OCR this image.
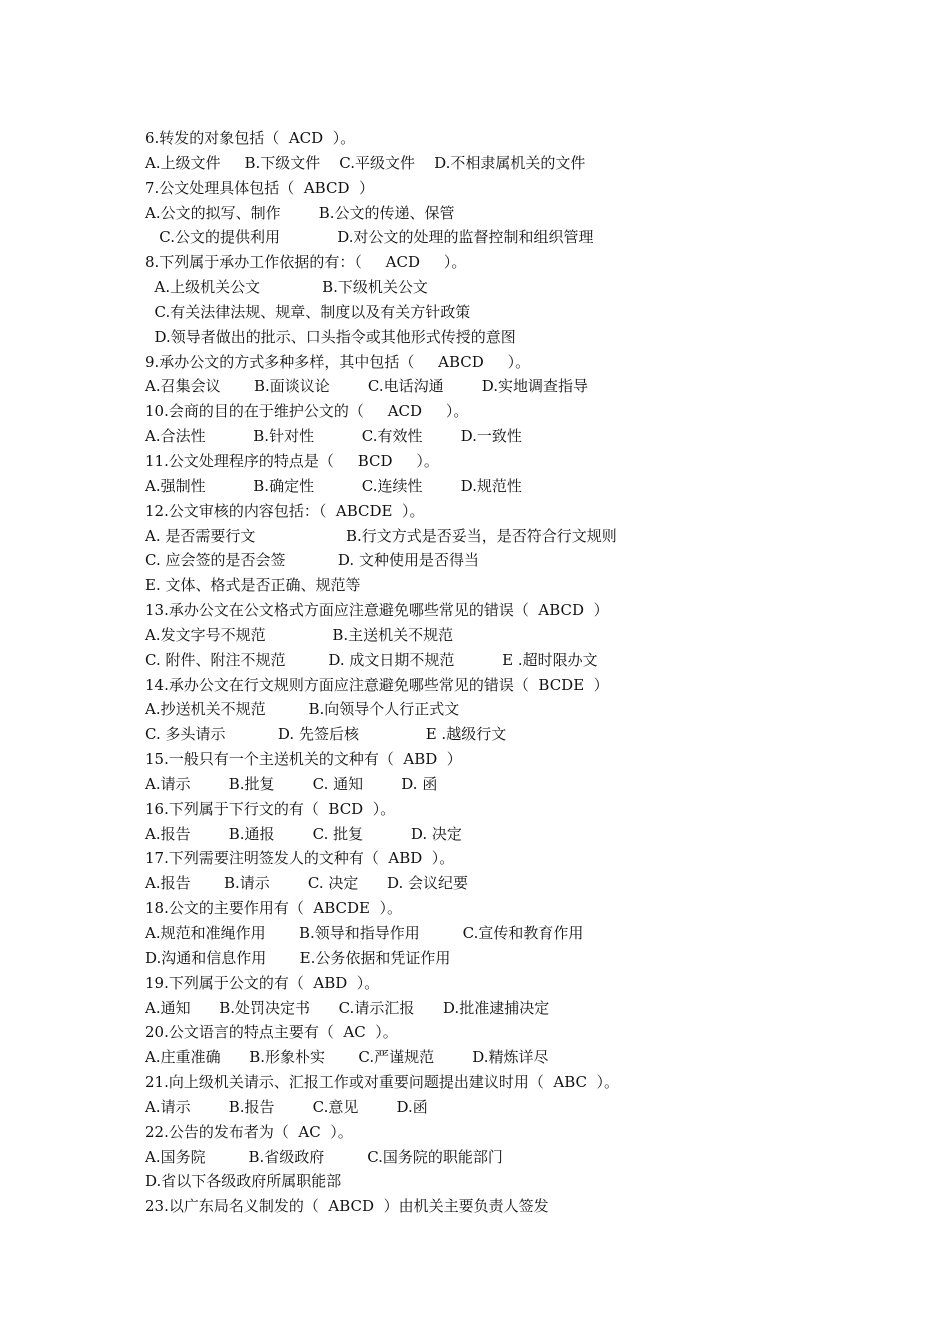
6.转发的对象包括（  ACD  ）。
A.上级文件     B.下级文件    C.平级文件    D.不相隶属机关的文件
7.公文处理具体包括（  ABCD  ）
A.公文的拟写、制作        B.公文的传递、保管
C.公文的提供利用            D.对公文的处理的监督控制和组织管理
8.下列属于承办工作依据的有：（     ACD     ）。
A.上级机关公文             B.下级机关公文
C.有关法律法规、规章、制度以及有关方针政策
D.领导者做出的批示、口头指令或其他形式传授的意图
9.承办公文的方式多种多样，其中包括（     ABCD     ）。
A.召集会议       B.面谈议论        C.电话沟通        D.实地调查指导
10.会商的目的在于维护公文的（     ACD     ）。
A.合法性          B.针对性          C.有效性        D.一致性
11.公文处理程序的特点是（     BCD     ）。
A.强制性          B.确定性          C.连续性        D.规范性
12.公文审核的内容包括：（  ABCDE  ）。
A. 是否需要行文                   B.行文方式是否妥当，是否符合行文规则
C. 应会签的是否会签           D. 文种使用是否得当
E. 文体、格式是否正确、规范等
13.承办公文在公文格式方面应注意避免哪些常见的错误（  ABCD  ）
A.发文字号不规范              B.主送机关不规范
C. 附件、附注不规范         D. 成文日期不规范          E .超时限办文
14.承办公文在行文规则方面应注意避免哪些常见的错误（  BCDE  ）
A.抄送机关不规范         B.向领导个人行正式文
C. 多头请示           D. 先签后核              E .越级行文
15.一般只有一个主送机关的文种有（  ABD  ）
A.请示        B.批复        C. 通知        D. 函
16.下列属于下行文的有（  BCD  ）。
A.报告        B.通报        C. 批复          D. 决定
17.下列需要注明签发人的文种有（  ABD  ）。
A.报告       B.请示        C. 决定      D. 会议纪要
18.公文的主要作用有（  ABCDE  ）。
A.规范和准绳作用       B.领导和指导作用         C.宣传和教育作用
D.沟通和信息作用       E.公务依据和凭证作用
19.下列属于公文的有（  ABD  ）。
A.通知      B.处罚决定书      C.请示汇报      D.批准逮捕决定
20.公文语言的特点主要有（  AC  ）。
A.庄重准确      B.形象朴实       C.严谨规范        D.精炼详尽
21.向上级机关请示、汇报工作或对重要问题提出建议时用（  ABC  ）。
A.请示        B.报告        C.意见        D.函
22.公告的发布者为（  AC  ）。
A.国务院         B.省级政府         C.国务院的职能部门
D.省以下各级政府所属职能部
23.以广东局名义制发的（  ABCD  ）由机关主要负责人签发
